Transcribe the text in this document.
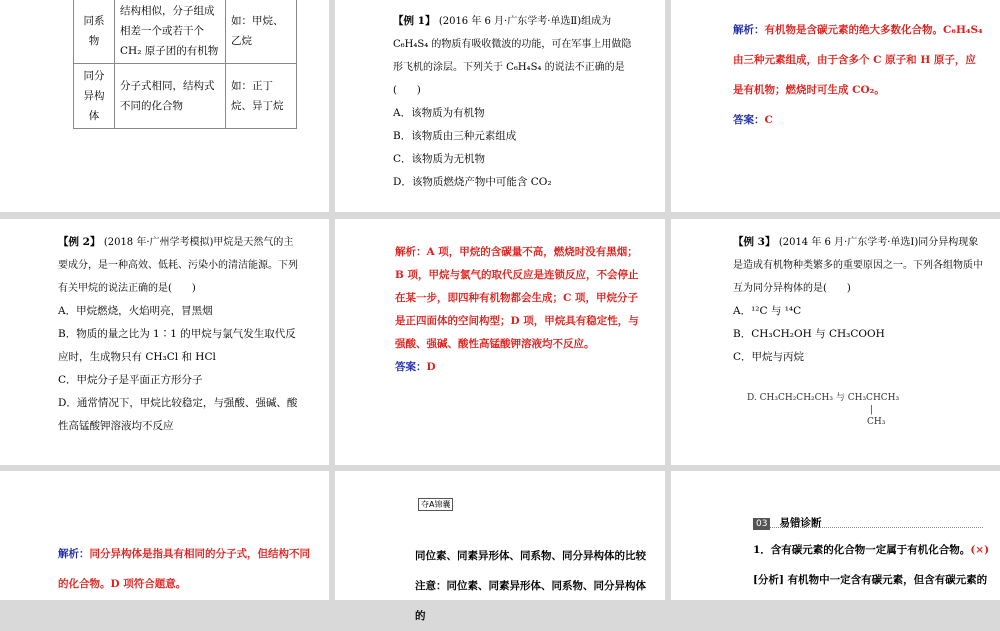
同系物	结构相似，分子组成相差一个或若干个 CH₂ 原子团的有机物	如：甲烷、乙烷
同分异构体	分子式相同，结构式不同的化合物	如：正丁烷、异丁烷
【例 1】 (2016 年 6 月·广东学考·单选Ⅱ)组成为 C₆H₄S₄ 的物质有吸收微波的功能，可在军事上用做隐形飞机的涂层。下列关于 C₆H₄S₄ 的说法不正确的是(　　)
A．该物质为有机物
B．该物质由三种元素组成
C．该物质为无机物
D．该物质燃烧产物中可能含 CO₂
解析：有机物是含碳元素的绝大多数化合物。C₆H₄S₄ 由三种元素组成，由于含多个 C 原子和 H 原子，应是有机物；燃烧时可生成 CO₂。
答案：C
【例 2】 (2018 年·广州学考模拟)甲烷是天然气的主要成分，是一种高效、低耗、污染小的清洁能源。下列有关甲烷的说法正确的是(　　)
A．甲烷燃烧，火焰明亮，冒黑烟
B．物质的量之比为 1∶1 的甲烷与氯气发生取代反应时，生成物只有 CH₃Cl 和 HCl
C．甲烷分子是平面正方形分子
D．通常情况下，甲烷比较稳定，与强酸、强碱、酸性高锰酸钾溶液均不反应
解析：A 项，甲烷的含碳量不高，燃烧时没有黑烟；B 项，甲烷与氯气的取代反应是连锁反应，不会停止在某一步，即四种有机物都会生成；C 项，甲烷分子是正四面体的空间构型；D 项，甲烷具有稳定性，与强酸、强碱、酸性高锰酸钾溶液均不反应。
答案：D
【例 3】 (2014 年 6 月·广东学考·单选Ⅰ)同分异构现象是造成有机物种类繁多的重要原因之一。下列各组物质中互为同分异构体的是(　　)
A．¹²C 与 ¹⁴C
B．CH₃CH₂OH 与 CH₃COOH
C．甲烷与丙烷
D. CH₃CH₂CH₂CH₃ 与 CH₃CHCH₃
|
CH₃
解析：同分异构体是指具有相同的分子式，但结构不同的化合物。D 项符合题意。
夺A锦囊
同位素、同素异形体、同系物、同分异构体的比较
注意：同位素、同素异形体、同系物、同分异构体的
03 易错诊断
1．含有碳元素的化合物一定属于有机化合物。(×)
[分析] 有机物中一定含有碳元素，但含有碳元素的
